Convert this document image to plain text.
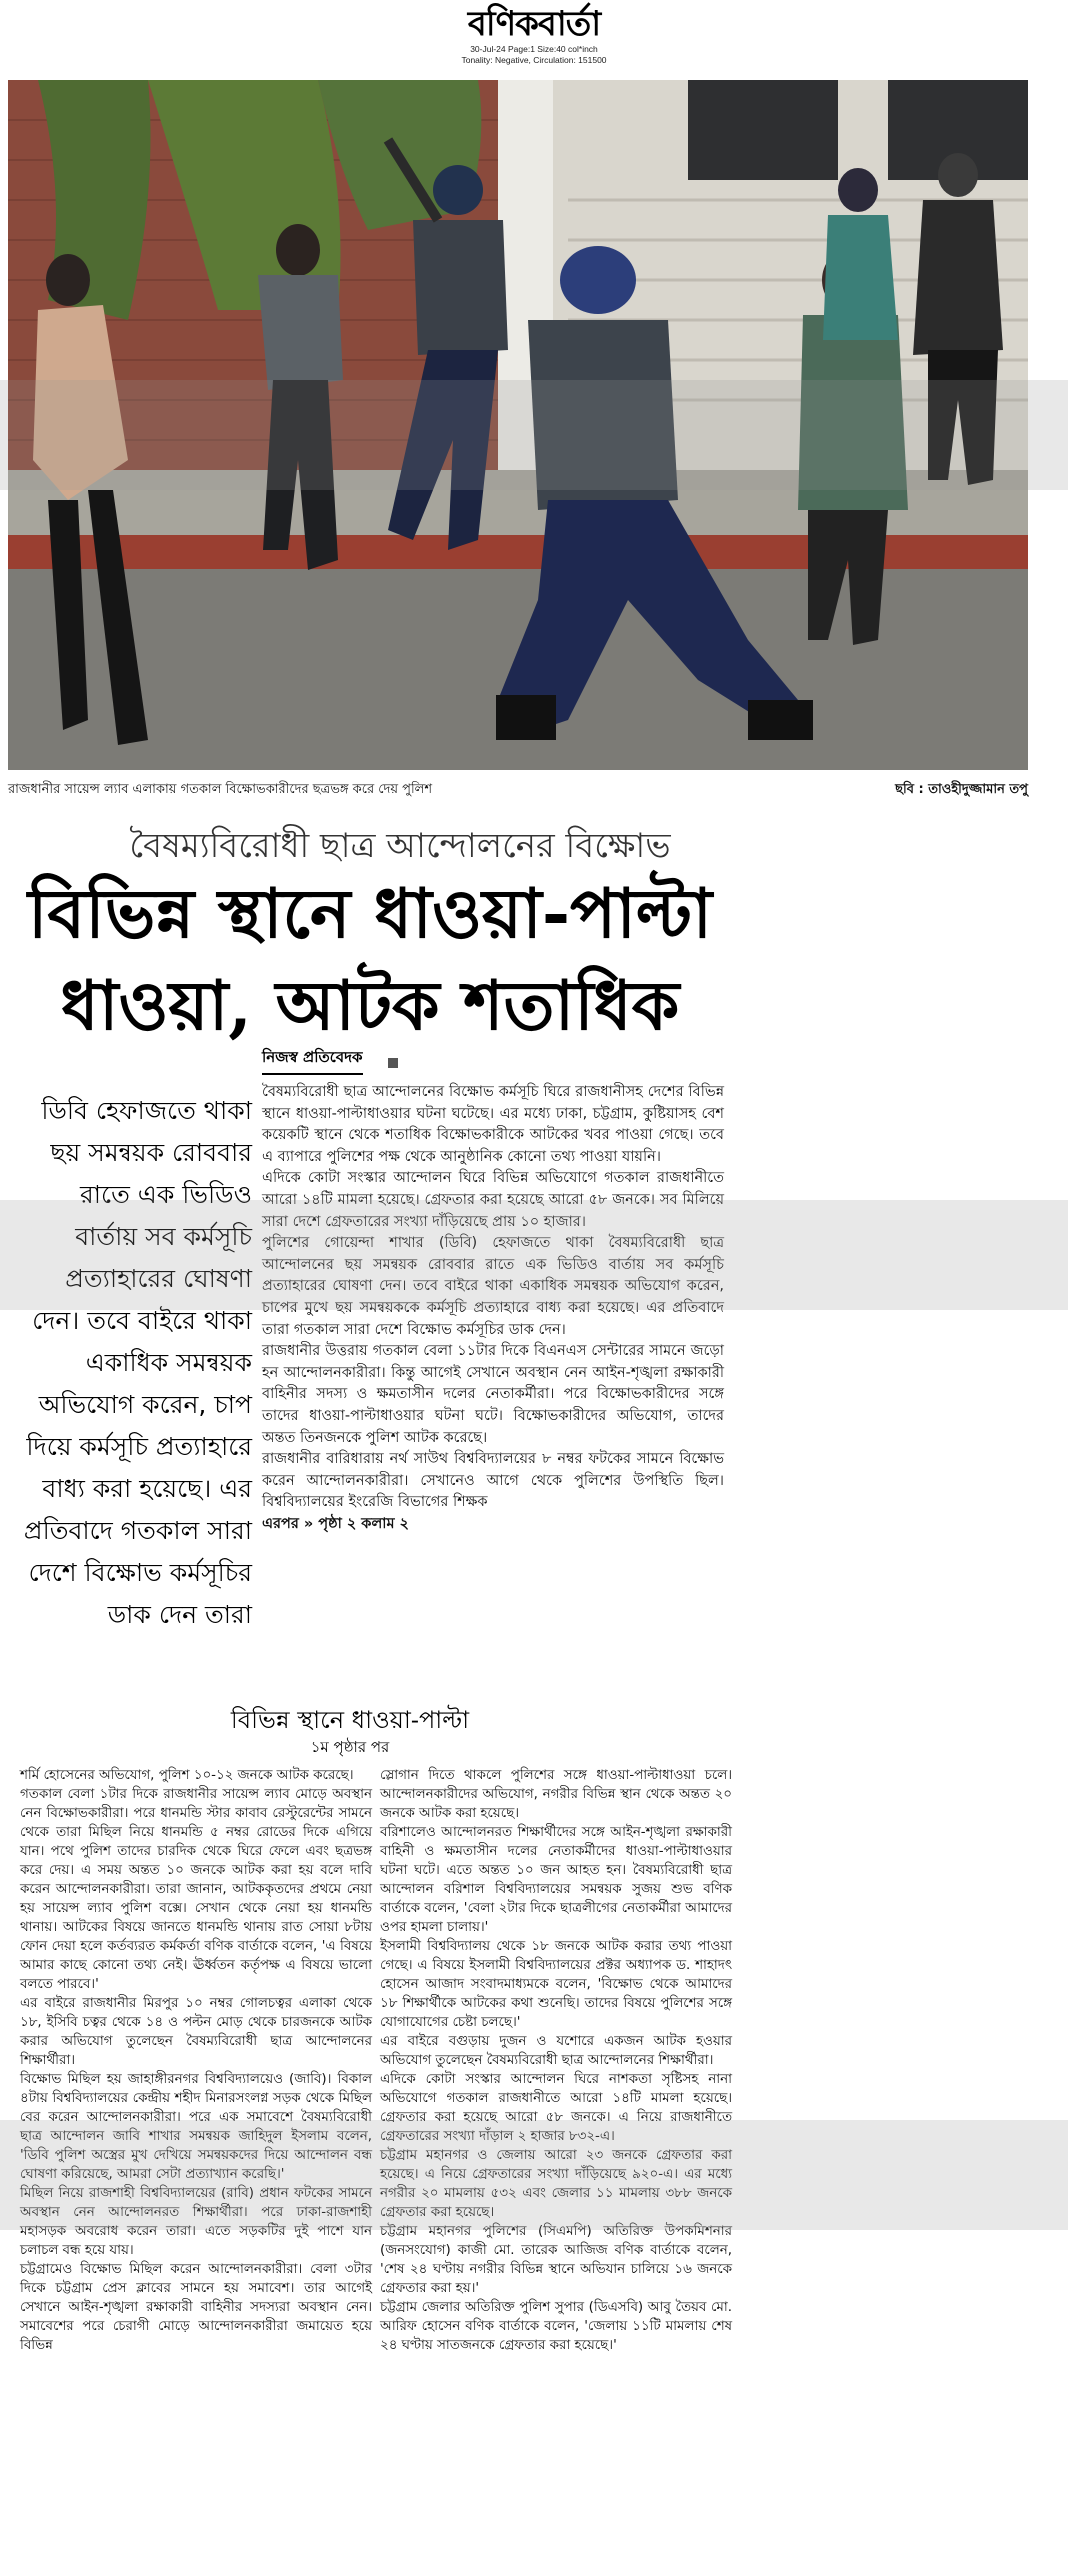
বণিকবার্তা
30-Jul-24 Page:1 Size:40 col*inch
Tonality: Negative, Circulation: 151500
রাজধানীর সায়েন্স ল্যাব এলাকায় গতকাল বিক্ষোভকারীদের ছত্রভঙ্গ করে দেয় পুলিশ	ছবি : তাওহীদুজ্জামান তপু
বৈষম্যবিরোধী ছাত্র আন্দোলনের বিক্ষোভ
বিভিন্ন স্থানে ধাওয়া-পাল্টা
ধাওয়া, আটক শতাধিক
নিজস্ব প্রতিবেদক
ডিবি হেফাজতে থাকা ছয় সমন্বয়ক রোববার রাতে এক ভিডিও বার্তায় সব কর্মসূচি প্রত্যাহারের ঘোষণা দেন। তবে বাইরে থাকা একাধিক সমন্বয়ক অভিযোগ করেন, চাপ দিয়ে কর্মসূচি প্রত্যাহারে বাধ্য করা হয়েছে। এর প্রতিবাদে গতকাল সারা দেশে বিক্ষোভ কর্মসূচির ডাক দেন তারা

বৈষম্যবিরোধী ছাত্র আন্দোলনের বিক্ষোভ কর্মসূচি ঘিরে রাজধানীসহ দেশের বিভিন্ন স্থানে ধাওয়া-পাল্টাধাওয়ার ঘটনা ঘটেছে। এর মধ্যে ঢাকা, চট্টগ্রাম, কুষ্টিয়াসহ বেশ কয়েকটি স্থানে থেকে শতাধিক বিক্ষোভকারীকে আটকের খবর পাওয়া গেছে। তবে এ ব্যাপারে পুলিশের পক্ষ থেকে আনুষ্ঠানিক কোনো তথ্য পাওয়া যায়নি।

এদিকে কোটা সংস্কার আন্দোলন ঘিরে বিভিন্ন অভিযোগে গতকাল রাজধানীতে আরো ১৪টি মামলা হয়েছে। গ্রেফতার করা হয়েছে আরো ৫৮ জনকে। সব মিলিয়ে সারা দেশে গ্রেফতারের সংখ্যা দাঁড়িয়েছে প্রায় ১০ হাজার।

পুলিশের গোয়েন্দা শাখার (ডিবি) হেফাজতে থাকা বৈষম্যবিরোধী ছাত্র আন্দোলনের ছয় সমন্বয়ক রোববার রাতে এক ভিডিও বার্তায় সব কর্মসূচি প্রত্যাহারের ঘোষণা দেন। তবে বাইরে থাকা একাধিক সমন্বয়ক অভিযোগ করেন, চাপের মুখে ছয় সমন্বয়ককে কর্মসূচি প্রত্যাহারে বাধ্য করা হয়েছে। এর প্রতিবাদে তারা গতকাল সারা দেশে বিক্ষোভ কর্মসূচির ডাক দেন।

রাজধানীর উত্তরায় গতকাল বেলা ১১টার দিকে বিএনএস সেন্টারের সামনে জড়ো হন আন্দোলনকারীরা। কিন্তু আগেই সেখানে অবস্থান নেন আইন-শৃঙ্খলা রক্ষাকারী বাহিনীর সদস্য ও ক্ষমতাসীন দলের নেতাকর্মীরা। পরে বিক্ষোভকারীদের সঙ্গে তাদের ধাওয়া-পাল্টাধাওয়ার ঘটনা ঘটে। বিক্ষোভকারীদের অভিযোগ, তাদের অন্তত তিনজনকে পুলিশ আটক করেছে।

রাজধানীর বারিধারায় নর্থ সাউথ বিশ্ববিদ্যালয়ের ৮ নম্বর ফটকের সামনে বিক্ষোভ করেন আন্দোলনকারীরা। সেখানেও আগে থেকে পুলিশের উপস্থিতি ছিল। বিশ্ববিদ্যালয়ের ইংরেজি বিভাগের শিক্ষক

এরপর » পৃষ্ঠা ২ কলাম ২

বিভিন্ন স্থানে ধাওয়া-পাল্টা
১ম পৃষ্ঠার পর

শর্মি হোসেনের অভিযোগ, পুলিশ ১০-১২ জনকে আটক করেছে।

গতকাল বেলা ১টার দিকে রাজধানীর সায়েন্স ল্যাব মোড়ে অবস্থান নেন বিক্ষোভকারীরা। পরে ধানমন্ডি স্টার কাবাব রেস্টুরেন্টের সামনে থেকে তারা মিছিল নিয়ে ধানমন্ডি ৫ নম্বর রোডের দিকে এগিয়ে যান। পথে পুলিশ তাদের চারদিক থেকে ঘিরে ফেলে এবং ছত্রভঙ্গ করে দেয়। এ সময় অন্তত ১০ জনকে আটক করা হয় বলে দাবি করেন আন্দোলনকারীরা। তারা জানান, আটককৃতদের প্রথমে নেয়া হয় সায়েন্স ল্যাব পুলিশ বক্সে। সেখান থেকে নেয়া হয় ধানমন্ডি থানায়। আটকের বিষয়ে জানতে ধানমন্ডি থানায় রাত সোয়া ৮টায় ফোন দেয়া হলে কর্তব্যরত কর্মকর্তা বণিক বার্তাকে বলেন, 'এ বিষয়ে আমার কাছে কোনো তথ্য নেই। ঊর্ধ্বতন কর্তৃপক্ষ এ বিষয়ে ভালো বলতে পারবে।'

এর বাইরে রাজধানীর মিরপুর ১০ নম্বর গোলচত্বর এলাকা থেকে ১৮, ইসিবি চত্বর থেকে ১৪ ও পল্টন মোড় থেকে চারজনকে আটক করার অভিযোগ তুলেছেন বৈষম্যবিরোধী ছাত্র আন্দোলনের শিক্ষার্থীরা।

বিক্ষোভ মিছিল হয় জাহাঙ্গীরনগর বিশ্ববিদ্যালয়েও (জাবি)। বিকাল ৪টায় বিশ্ববিদ্যালয়ের কেন্দ্রীয় শহীদ মিনারসংলগ্ন সড়ক থেকে মিছিল বের করেন আন্দোলনকারীরা। পরে এক সমাবেশে বৈষম্যবিরোধী ছাত্র আন্দোলন জাবি শাখার সমন্বয়ক জাহিদুল ইসলাম বলেন, 'ডিবি পুলিশ অস্ত্রের মুখ দেখিয়ে সমন্বয়কদের দিয়ে আন্দোলন বন্ধ ঘোষণা করিয়েছে, আমরা সেটা প্রত্যাখ্যান করেছি।'

মিছিল নিয়ে রাজশাহী বিশ্ববিদ্যালয়ের (রাবি) প্রধান ফটকের সামনে অবস্থান নেন আন্দোলনরত শিক্ষার্থীরা। পরে ঢাকা-রাজশাহী মহাসড়ক অবরোধ করেন তারা। এতে সড়কটির দুই পাশে যান চলাচল বন্ধ হয়ে যায়।

চট্টগ্রামেও বিক্ষোভ মিছিল করেন আন্দোলনকারীরা। বেলা ৩টার দিকে চট্টগ্রাম প্রেস ক্লাবের সামনে হয় সমাবেশ। তার আগেই সেখানে আইন-শৃঙ্খলা রক্ষাকারী বাহিনীর সদস্যরা অবস্থান নেন। সমাবেশের পরে চেরাগী মোড়ে আন্দোলনকারীরা জমায়েত হয়ে বিভিন্ন

স্লোগান দিতে থাকলে পুলিশের সঙ্গে ধাওয়া-পাল্টাধাওয়া চলে। আন্দোলনকারীদের অভিযোগ, নগরীর বিভিন্ন স্থান থেকে অন্তত ২০ জনকে আটক করা হয়েছে।

বরিশালেও আন্দোলনরত শিক্ষার্থীদের সঙ্গে আইন-শৃঙ্খলা রক্ষাকারী বাহিনী ও ক্ষমতাসীন দলের নেতাকর্মীদের ধাওয়া-পাল্টাধাওয়ার ঘটনা ঘটে। এতে অন্তত ১০ জন আহত হন। বৈষম্যবিরোধী ছাত্র আন্দোলন বরিশাল বিশ্ববিদ্যালয়ের সমন্বয়ক সুজয় শুভ বণিক বার্তাকে বলেন, 'বেলা ২টার দিকে ছাত্রলীগের নেতাকর্মীরা আমাদের ওপর হামলা চালায়।'

ইসলামী বিশ্ববিদ্যালয় থেকে ১৮ জনকে আটক করার তথ্য পাওয়া গেছে। এ বিষয়ে ইসলামী বিশ্ববিদ্যালয়ের প্রক্টর অধ্যাপক ড. শাহাদৎ হোসেন আজাদ সংবাদমাধ্যমকে বলেন, 'বিক্ষোভ থেকে আমাদের ১৮ শিক্ষার্থীকে আটকের কথা শুনেছি। তাদের বিষয়ে পুলিশের সঙ্গে যোগাযোগের চেষ্টা চলছে।'

এর বাইরে বগুড়ায় দুজন ও যশোরে একজন আটক হওয়ার অভিযোগ তুলেছেন বৈষম্যবিরোধী ছাত্র আন্দোলনের শিক্ষার্থীরা।

এদিকে কোটা সংস্কার আন্দোলন ঘিরে নাশকতা সৃষ্টিসহ নানা অভিযোগে গতকাল রাজধানীতে আরো ১৪টি মামলা হয়েছে। গ্রেফতার করা হয়েছে আরো ৫৮ জনকে। এ নিয়ে রাজধানীতে গ্রেফতারের সংখ্যা দাঁড়াল ২ হাজার ৮৩২-এ।

চট্টগ্রাম মহানগর ও জেলায় আরো ২৩ জনকে গ্রেফতার করা হয়েছে। এ নিয়ে গ্রেফতারের সংখ্যা দাঁড়িয়েছে ৯২০-এ। এর মধ্যে নগরীর ২০ মামলায় ৫৩২ এবং জেলার ১১ মামলায় ৩৮৮ জনকে গ্রেফতার করা হয়েছে।

চট্টগ্রাম মহানগর পুলিশের (সিএমপি) অতিরিক্ত উপকমিশনার (জনসংযোগ) কাজী মো. তারেক আজিজ বণিক বার্তাকে বলেন, 'শেষ ২৪ ঘণ্টায় নগরীর বিভিন্ন স্থানে অভিযান চালিয়ে ১৬ জনকে গ্রেফতার করা হয়।'

চট্টগ্রাম জেলার অতিরিক্ত পুলিশ সুপার (ডিএসবি) আবু তৈয়ব মো. আরিফ হোসেন বণিক বার্তাকে বলেন, 'জেলায় ১১টি মামলায় শেষ ২৪ ঘণ্টায় সাতজনকে গ্রেফতার করা হয়েছে।'
